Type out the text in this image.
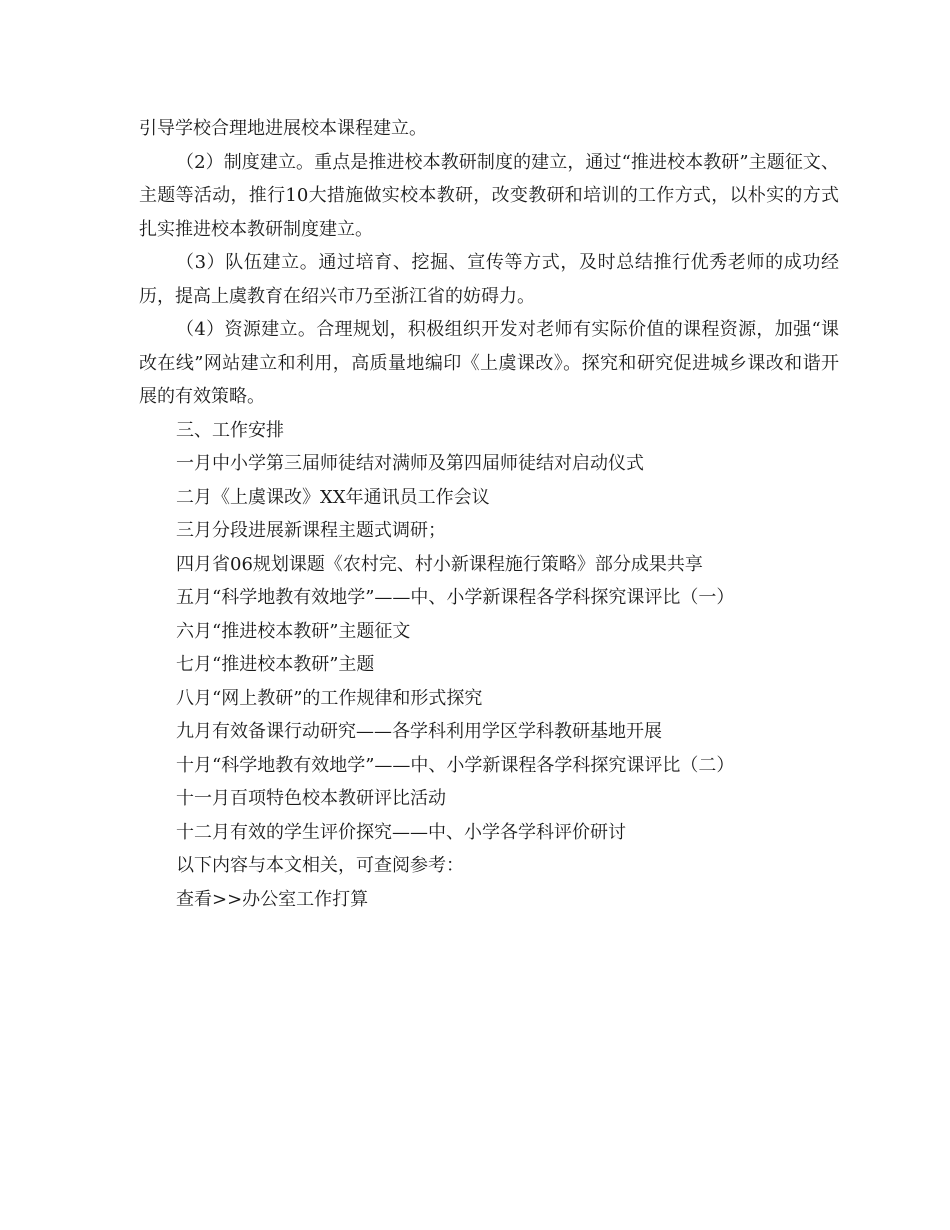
引导学校合理地进展校本课程建立。

（2）制度建立。重点是推进校本教研制度的建立，通过“推进校本教研”主题征文、主题等活动，推行10大措施做实校本教研，改变教研和培训的工作方式，以朴实的方式扎实推进校本教研制度建立。

（3）队伍建立。通过培育、挖掘、宣传等方式，及时总结推行优秀老师的成功经历，提高上虞教育在绍兴市乃至浙江省的妨碍力。

（4）资源建立。合理规划，积极组织开发对老师有实际价值的课程资源，加强“课改在线”网站建立和利用，高质量地编印《上虞课改》。探究和研究促进城乡课改和谐开展的有效策略。

三、工作安排

一月中小学第三届师徒结对满师及第四届师徒结对启动仪式

二月《上虞课改》XX年通讯员工作会议

三月分段进展新课程主题式调研；

四月省06规划课题《农村完、村小新课程施行策略》部分成果共享

五月“科学地教有效地学”——中、小学新课程各学科探究课评比（一）

六月“推进校本教研”主题征文

七月“推进校本教研”主题

八月“网上教研”的工作规律和形式探究

九月有效备课行动研究——各学科利用学区学科教研基地开展

十月“科学地教有效地学”——中、小学新课程各学科探究课评比（二）

十一月百项特色校本教研评比活动

十二月有效的学生评价探究——中、小学各学科评价研讨

以下内容与本文相关，可查阅参考：

查看>>办公室工作打算
